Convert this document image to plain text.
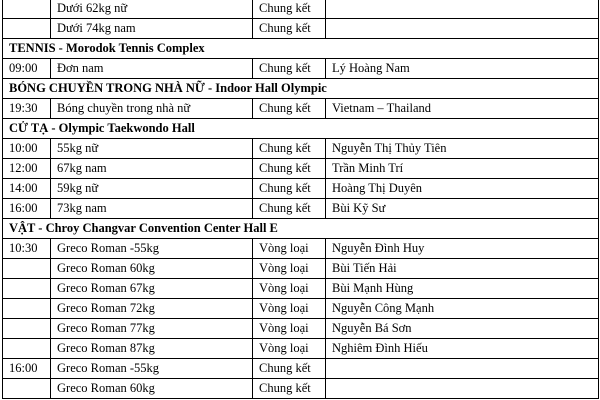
	Dưới 62kg nữ	Chung kết	
	Dưới 74kg nam	Chung kết	
TENNIS - Morodok Tennis Complex			
09:00	Đơn nam	Chung kết	Lý Hoàng Nam
BÓNG CHUYỀN TRONG NHÀ NỮ - Indoor Hall Olympic			
19:30	Bóng chuyền trong nhà nữ	Chung kết	Vietnam – Thailand
CỬ TẠ - Olympic Taekwondo Hall			
10:00	55kg nữ	Chung kết	Nguyễn Thị Thủy Tiên
12:00	67kg nam	Chung kết	Trần Minh Trí
14:00	59kg nữ	Chung kết	Hoàng Thị Duyên
16:00	73kg nam	Chung kết	Bùi Kỹ Sư
VẬT - Chroy Changvar Convention Center Hall E			
10:30	Greco Roman -55kg	Vòng loại	Nguyễn Đình Huy
	Greco Roman 60kg	Vòng loại	Bùi Tiến Hải
	Greco Roman 67kg	Vòng loại	Bùi Mạnh Hùng
	Greco Roman 72kg	Vòng loại	Nguyễn Công Mạnh
	Greco Roman 77kg	Vòng loại	Nguyễn Bá Sơn
	Greco Roman 87kg	Vòng loại	Nghiêm Đình Hiếu
16:00	Greco Roman -55kg	Chung kết	
	Greco Roman 60kg	Chung kết	
